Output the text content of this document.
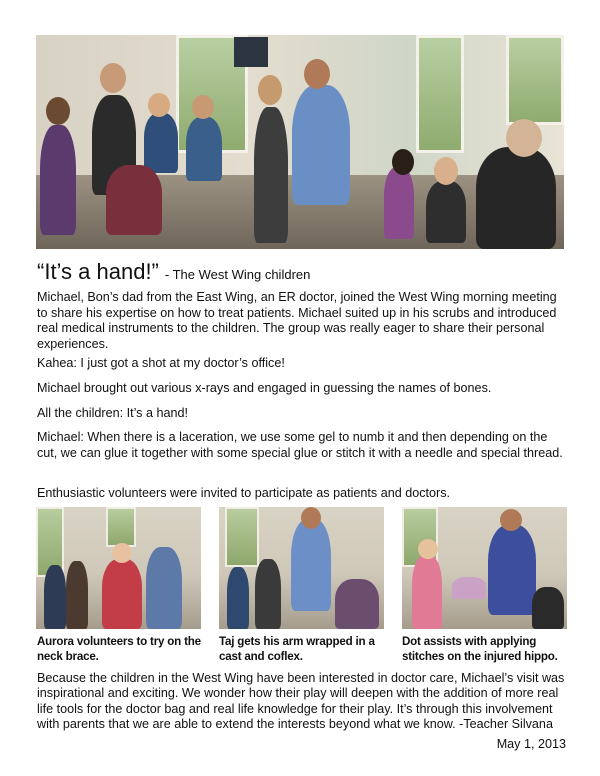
“It’s a hand!” - The West Wing children

Michael, Bon’s dad from the East Wing, an ER doctor, joined the West Wing morning meeting to share his expertise on how to treat patients. Michael suited up in his scrubs and introduced real medical instruments to the children. The group was really eager to share their personal experiences.

Kahea: I just got a shot at my doctor’s office!

Michael brought out various x-rays and engaged in guessing the names of bones.

All the children: It’s a hand!

Michael: When there is a laceration, we use some gel to numb it and then depending on the cut, we can glue it together with some special glue or stitch it with a needle and special thread.

Enthusiastic volunteers were invited to participate as patients and doctors.

Aurora volunteers to try on the neck brace.

Taj gets his arm wrapped in a cast and coflex.

Dot assists with applying stitches on the injured hippo.

Because the children in the West Wing have been interested in doctor care, Michael’s visit was inspirational and exciting. We wonder how their play will deepen with the addition of more real life tools for the doctor bag and real life knowledge for their play. It’s through this involvement with parents that we are able to extend the interests beyond what we know. -Teacher Silvana

May 1, 2013
